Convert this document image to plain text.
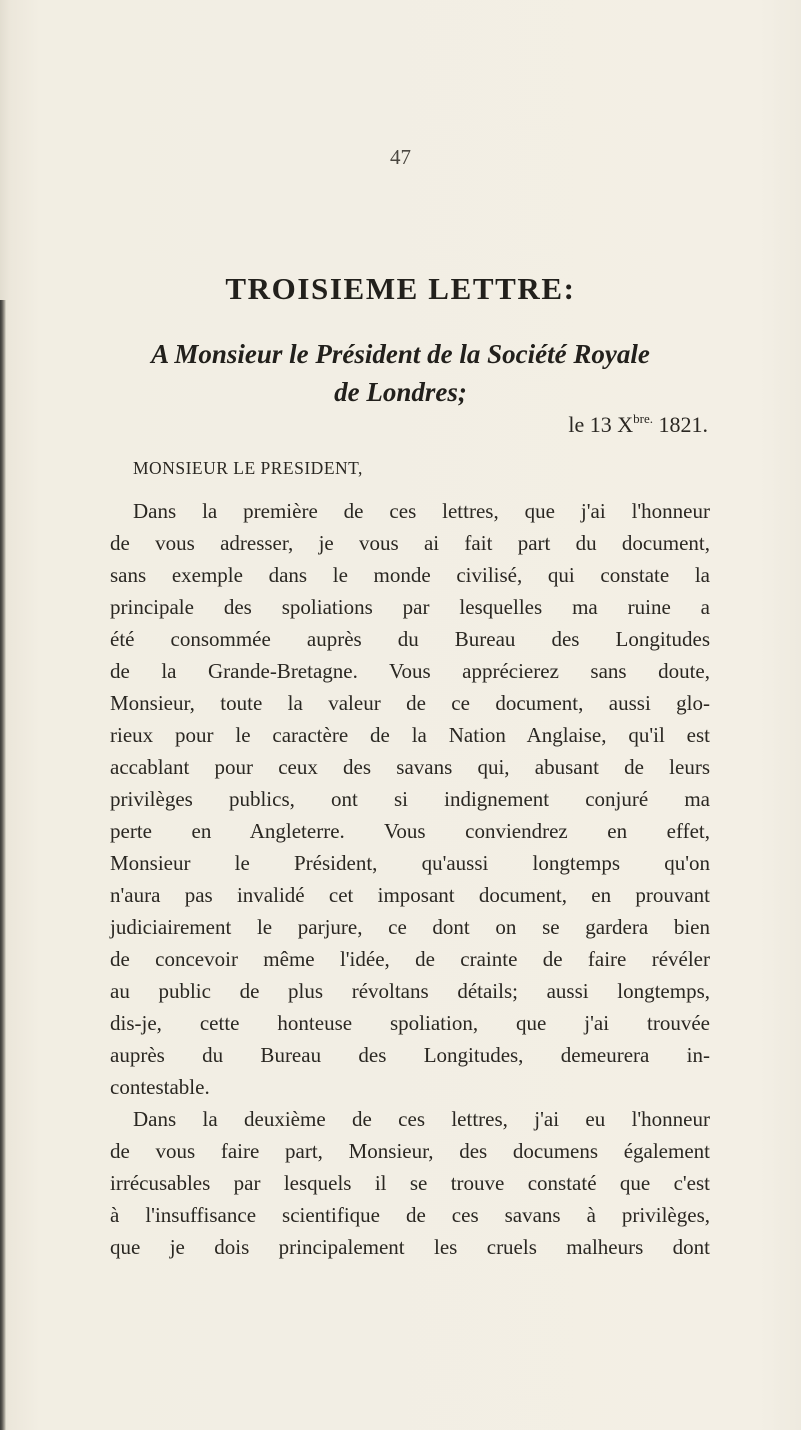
47
TROISIEME LETTRE:
A Monsieur le Président de la Société Royale
de Londres;
le 13 $X^{bre.}$ 1821.
MONSIEUR LE PRESIDENT,
Dans la première de ces lettres, que j'ai l'honneur
de vous adresser, je vous ai fait part du document,
sans exemple dans le monde civilisé, qui constate la
principale des spoliations par lesquelles ma ruine a
été consommée auprès du Bureau des Longitudes
de la Grande-Bretagne. Vous apprécierez sans doute,
Monsieur, toute la valeur de ce document, aussi glo-
rieux pour le caractère de la Nation Anglaise, qu'il est
accablant pour ceux des savans qui, abusant de leurs
privilèges publics, ont si indignement conjuré ma
perte en Angleterre. Vous conviendrez en effet,
Monsieur le Président, qu'aussi longtemps qu'on
n'aura pas invalidé cet imposant document, en prouvant
judiciairement le parjure, ce dont on se gardera bien
de concevoir même l'idée, de crainte de faire révéler
au public de plus révoltans détails; aussi longtemps,
dis-je, cette honteuse spoliation, que j'ai trouvée
auprès du Bureau des Longitudes, demeurera in-
contestable.
Dans la deuxième de ces lettres, j'ai eu l'honneur
de vous faire part, Monsieur, des documens également
irrécusables par lesquels il se trouve constaté que c'est
à l'insuffisance scientifique de ces savans à privilèges,
que je dois principalement les cruels malheurs dont
